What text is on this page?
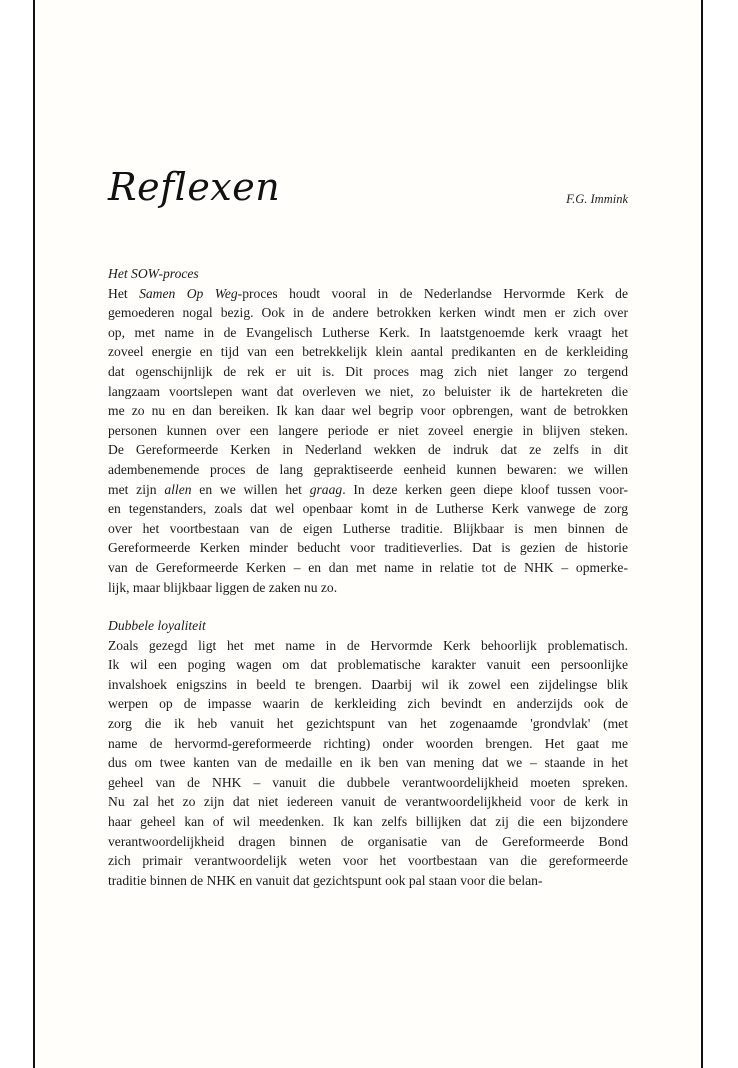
Reflexen	F.G. Immink

Het SOW-proces

Het Samen Op Weg-proces houdt vooral in de Nederlandse Hervormde Kerk de
gemoederen nogal bezig. Ook in de andere betrokken kerken windt men er zich over
op, met name in de Evangelisch Lutherse Kerk. In laatstgenoemde kerk vraagt het
zoveel energie en tijd van een betrekkelijk klein aantal predikanten en de kerkleiding
dat ogenschijnlijk de rek er uit is. Dit proces mag zich niet langer zo tergend
langzaam voortslepen want dat overleven we niet, zo beluister ik de hartekreten die
me zo nu en dan bereiken. Ik kan daar wel begrip voor opbrengen, want de betrokken
personen kunnen over een langere periode er niet zoveel energie in blijven steken.
De Gereformeerde Kerken in Nederland wekken de indruk dat ze zelfs in dit
adembenemende proces de lang gepraktiseerde eenheid kunnen bewaren: we willen
met zijn allen en we willen het graag. In deze kerken geen diepe kloof tussen voor-
en tegenstanders, zoals dat wel openbaar komt in de Lutherse Kerk vanwege de zorg
over het voortbestaan van de eigen Lutherse traditie. Blijkbaar is men binnen de
Gereformeerde Kerken minder beducht voor traditieverlies. Dat is gezien de historie
van de Gereformeerde Kerken – en dan met name in relatie tot de NHK – opmerke-
lijk, maar blijkbaar liggen de zaken nu zo.

Dubbele loyaliteit

Zoals gezegd ligt het met name in de Hervormde Kerk behoorlijk problematisch.
Ik wil een poging wagen om dat problematische karakter vanuit een persoonlijke
invalshoek enigszins in beeld te brengen. Daarbij wil ik zowel een zijdelingse blik
werpen op de impasse waarin de kerkleiding zich bevindt en anderzijds ook de
zorg die ik heb vanuit het gezichtspunt van het zogenaamde 'grondvlak' (met
name de hervormd-gereformeerde richting) onder woorden brengen. Het gaat me
dus om twee kanten van de medaille en ik ben van mening dat we – staande in het
geheel van de NHK – vanuit die dubbele verantwoordelijkheid moeten spreken.
Nu zal het zo zijn dat niet iedereen vanuit de verantwoordelijkheid voor de kerk in
haar geheel kan of wil meedenken. Ik kan zelfs billijken dat zij die een bijzondere
verantwoordelijkheid dragen binnen de organisatie van de Gereformeerde Bond
zich primair verantwoordelijk weten voor het voortbestaan van die gereformeerde
traditie binnen de NHK en vanuit dat gezichtspunt ook pal staan voor die belan-
